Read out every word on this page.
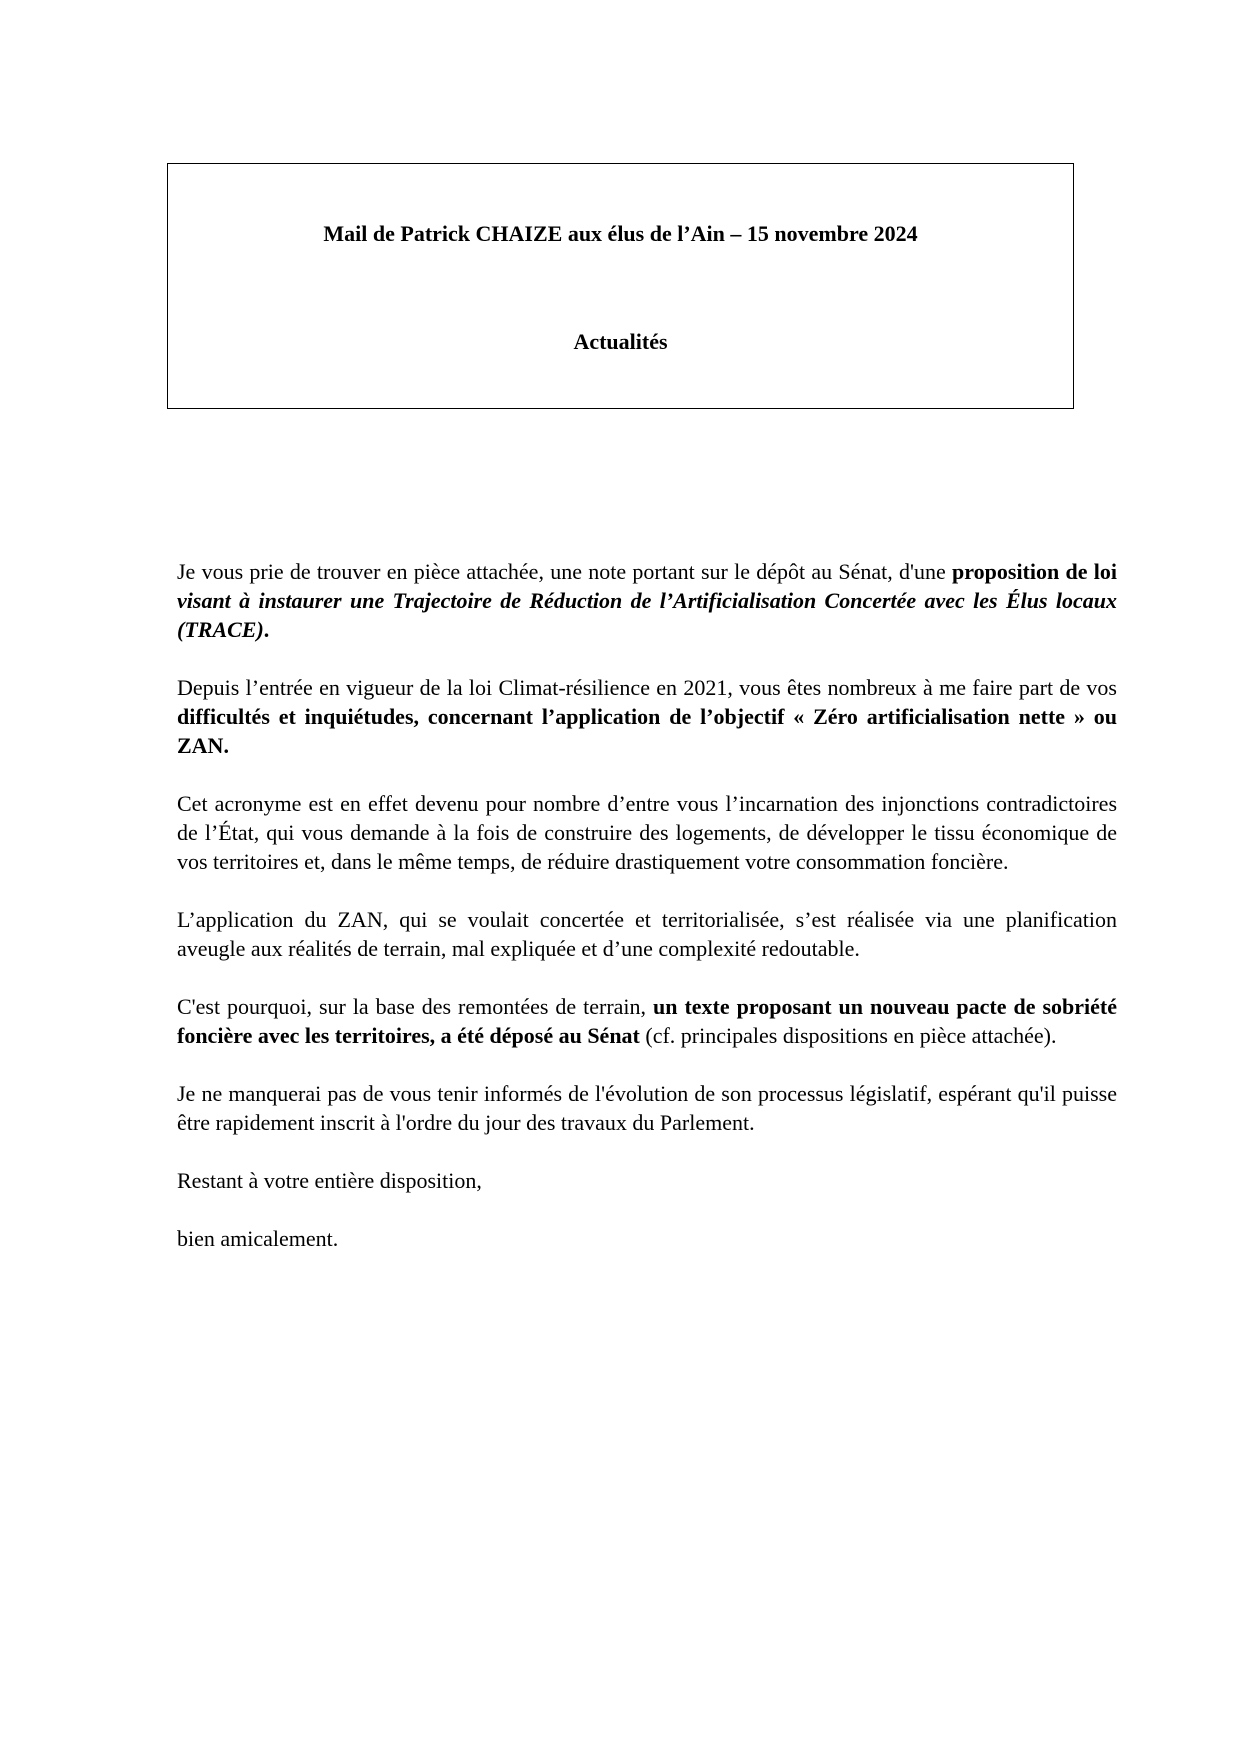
Mail de Patrick CHAIZE aux élus de l’Ain – 15 novembre 2024
Actualités

Je vous prie de trouver en pièce attachée, une note portant sur le dépôt au Sénat, d'une proposition de loi visant à instaurer une Trajectoire de Réduction de l’Artificialisation Concertée avec les Élus locaux (TRACE).

Depuis l’entrée en vigueur de la loi Climat-résilience en 2021, vous êtes nombreux à me faire part de vos difficultés et inquiétudes, concernant l’application de l’objectif « Zéro artificialisation nette » ou ZAN.

Cet acronyme est en effet devenu pour nombre d’entre vous l’incarnation des injonctions contradictoires de l’État, qui vous demande à la fois de construire des logements, de développer le tissu économique de vos territoires et, dans le même temps, de réduire drastiquement votre consommation foncière.

L’application du ZAN, qui se voulait concertée et territorialisée, s’est réalisée via une planification aveugle aux réalités de terrain, mal expliquée et d’une complexité redoutable.

C'est pourquoi, sur la base des remontées de terrain, un texte proposant un nouveau pacte de sobriété foncière avec les territoires, a été déposé au Sénat (cf. principales dispositions en pièce attachée).

Je ne manquerai pas de vous tenir informés de l'évolution de son processus législatif, espérant qu'il puisse être rapidement inscrit à l'ordre du jour des travaux du Parlement.

Restant à votre entière disposition,

bien amicalement.
